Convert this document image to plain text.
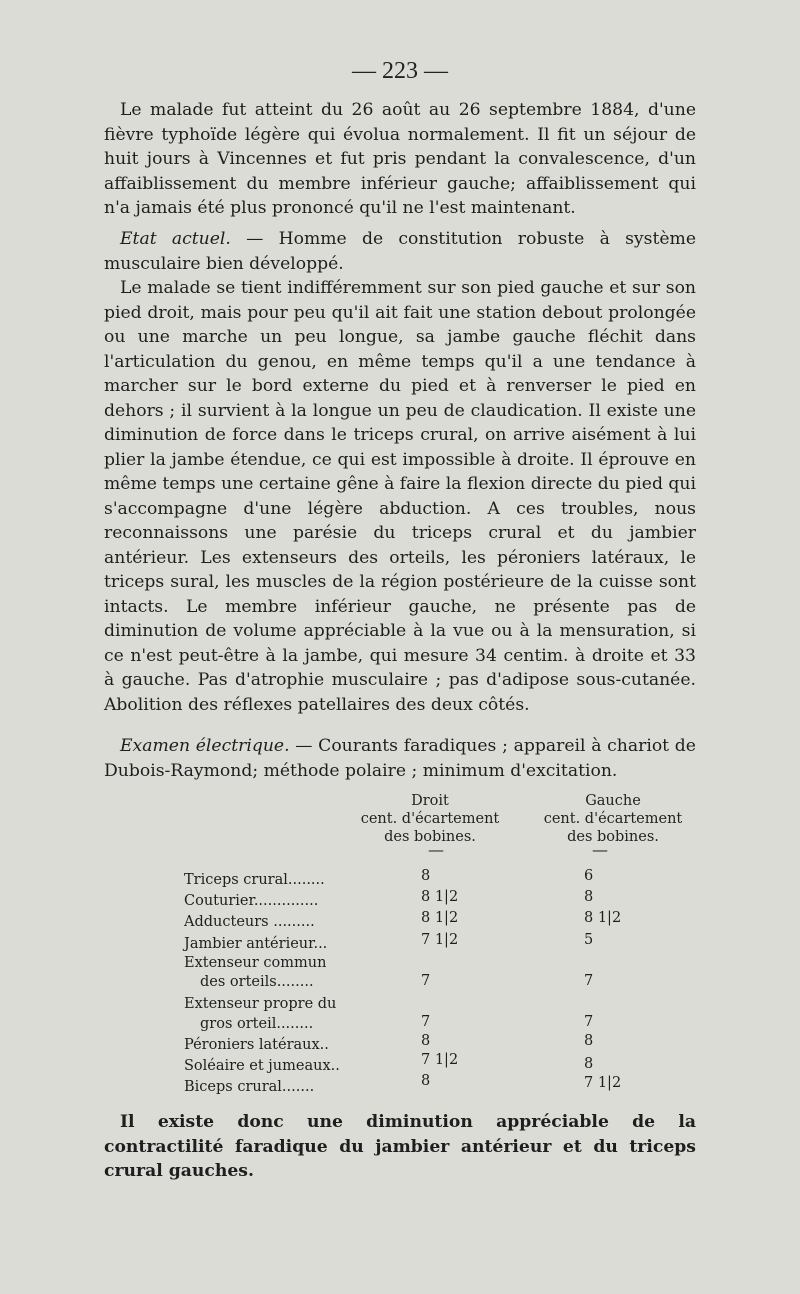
— 223 —

Le malade fut atteint du 26 août au 26 septembre 1884, d'une fièvre typhoïde légère qui évolua normalement. Il fit un séjour de huit jours à Vincennes et fut pris pendant la convalescence, d'un affaiblissement du membre inférieur gauche; affaiblissement qui n'a jamais été plus prononcé qu'il ne l'est maintenant.

Etat actuel. — Homme de constitution robuste à système musculaire bien développé.

Le malade se tient indifféremment sur son pied gauche et sur son pied droit, mais pour peu qu'il ait fait une station debout prolongée ou une marche un peu longue, sa jambe gauche fléchit dans l'articulation du genou, en même temps qu'il a une tendance à marcher sur le bord externe du pied et à renverser le pied en dehors ; il survient à la longue un peu de claudication. Il existe une diminution de force dans le triceps crural, on arrive aisément à lui plier la jambe étendue, ce qui est impossible à droite. Il éprouve en même temps une certaine gêne à faire la flexion directe du pied qui s'accompagne d'une légère abduction. A ces troubles, nous reconnaissons une parésie du triceps crural et du jambier antérieur. Les extenseurs des orteils, les péroniers latéraux, le triceps sural, les muscles de la région postérieure de la cuisse sont intacts. Le membre inférieur gauche, ne présente pas de diminution de volume appréciable à la vue ou à la mensuration, si ce n'est peut-être à la jambe, qui mesure 34 centim. à droite et 33 à gauche. Pas d'atrophie musculaire ; pas d'adipose sous-cutanée. Abolition des réflexes patellaires des deux côtés.

Examen électrique. — Courants faradiques ; appareil à chariot de Dubois-Raymond; méthode polaire ; minimum d'excitation.

Droit
cent. d'écartement
des bobines.
Gauche
cent. d'écartement
des bobines.
—	—
Triceps crural........	8	6
Couturier..............	8 1|2	8
Adducteurs .........	8 1|2	8 1|2
Jambier antérieur...	7 1|2	5
Extenseur commun
des orteils........	7	7
Extenseur propre du
gros orteil........	7	7
Péroniers latéraux..	8	8
Soléaire et jumeaux..	7 1|2	8
Biceps crural.......	8	7 1|2

Il existe donc une diminution appréciable de la contractilité faradique du jambier antérieur et du triceps crural gauches.
